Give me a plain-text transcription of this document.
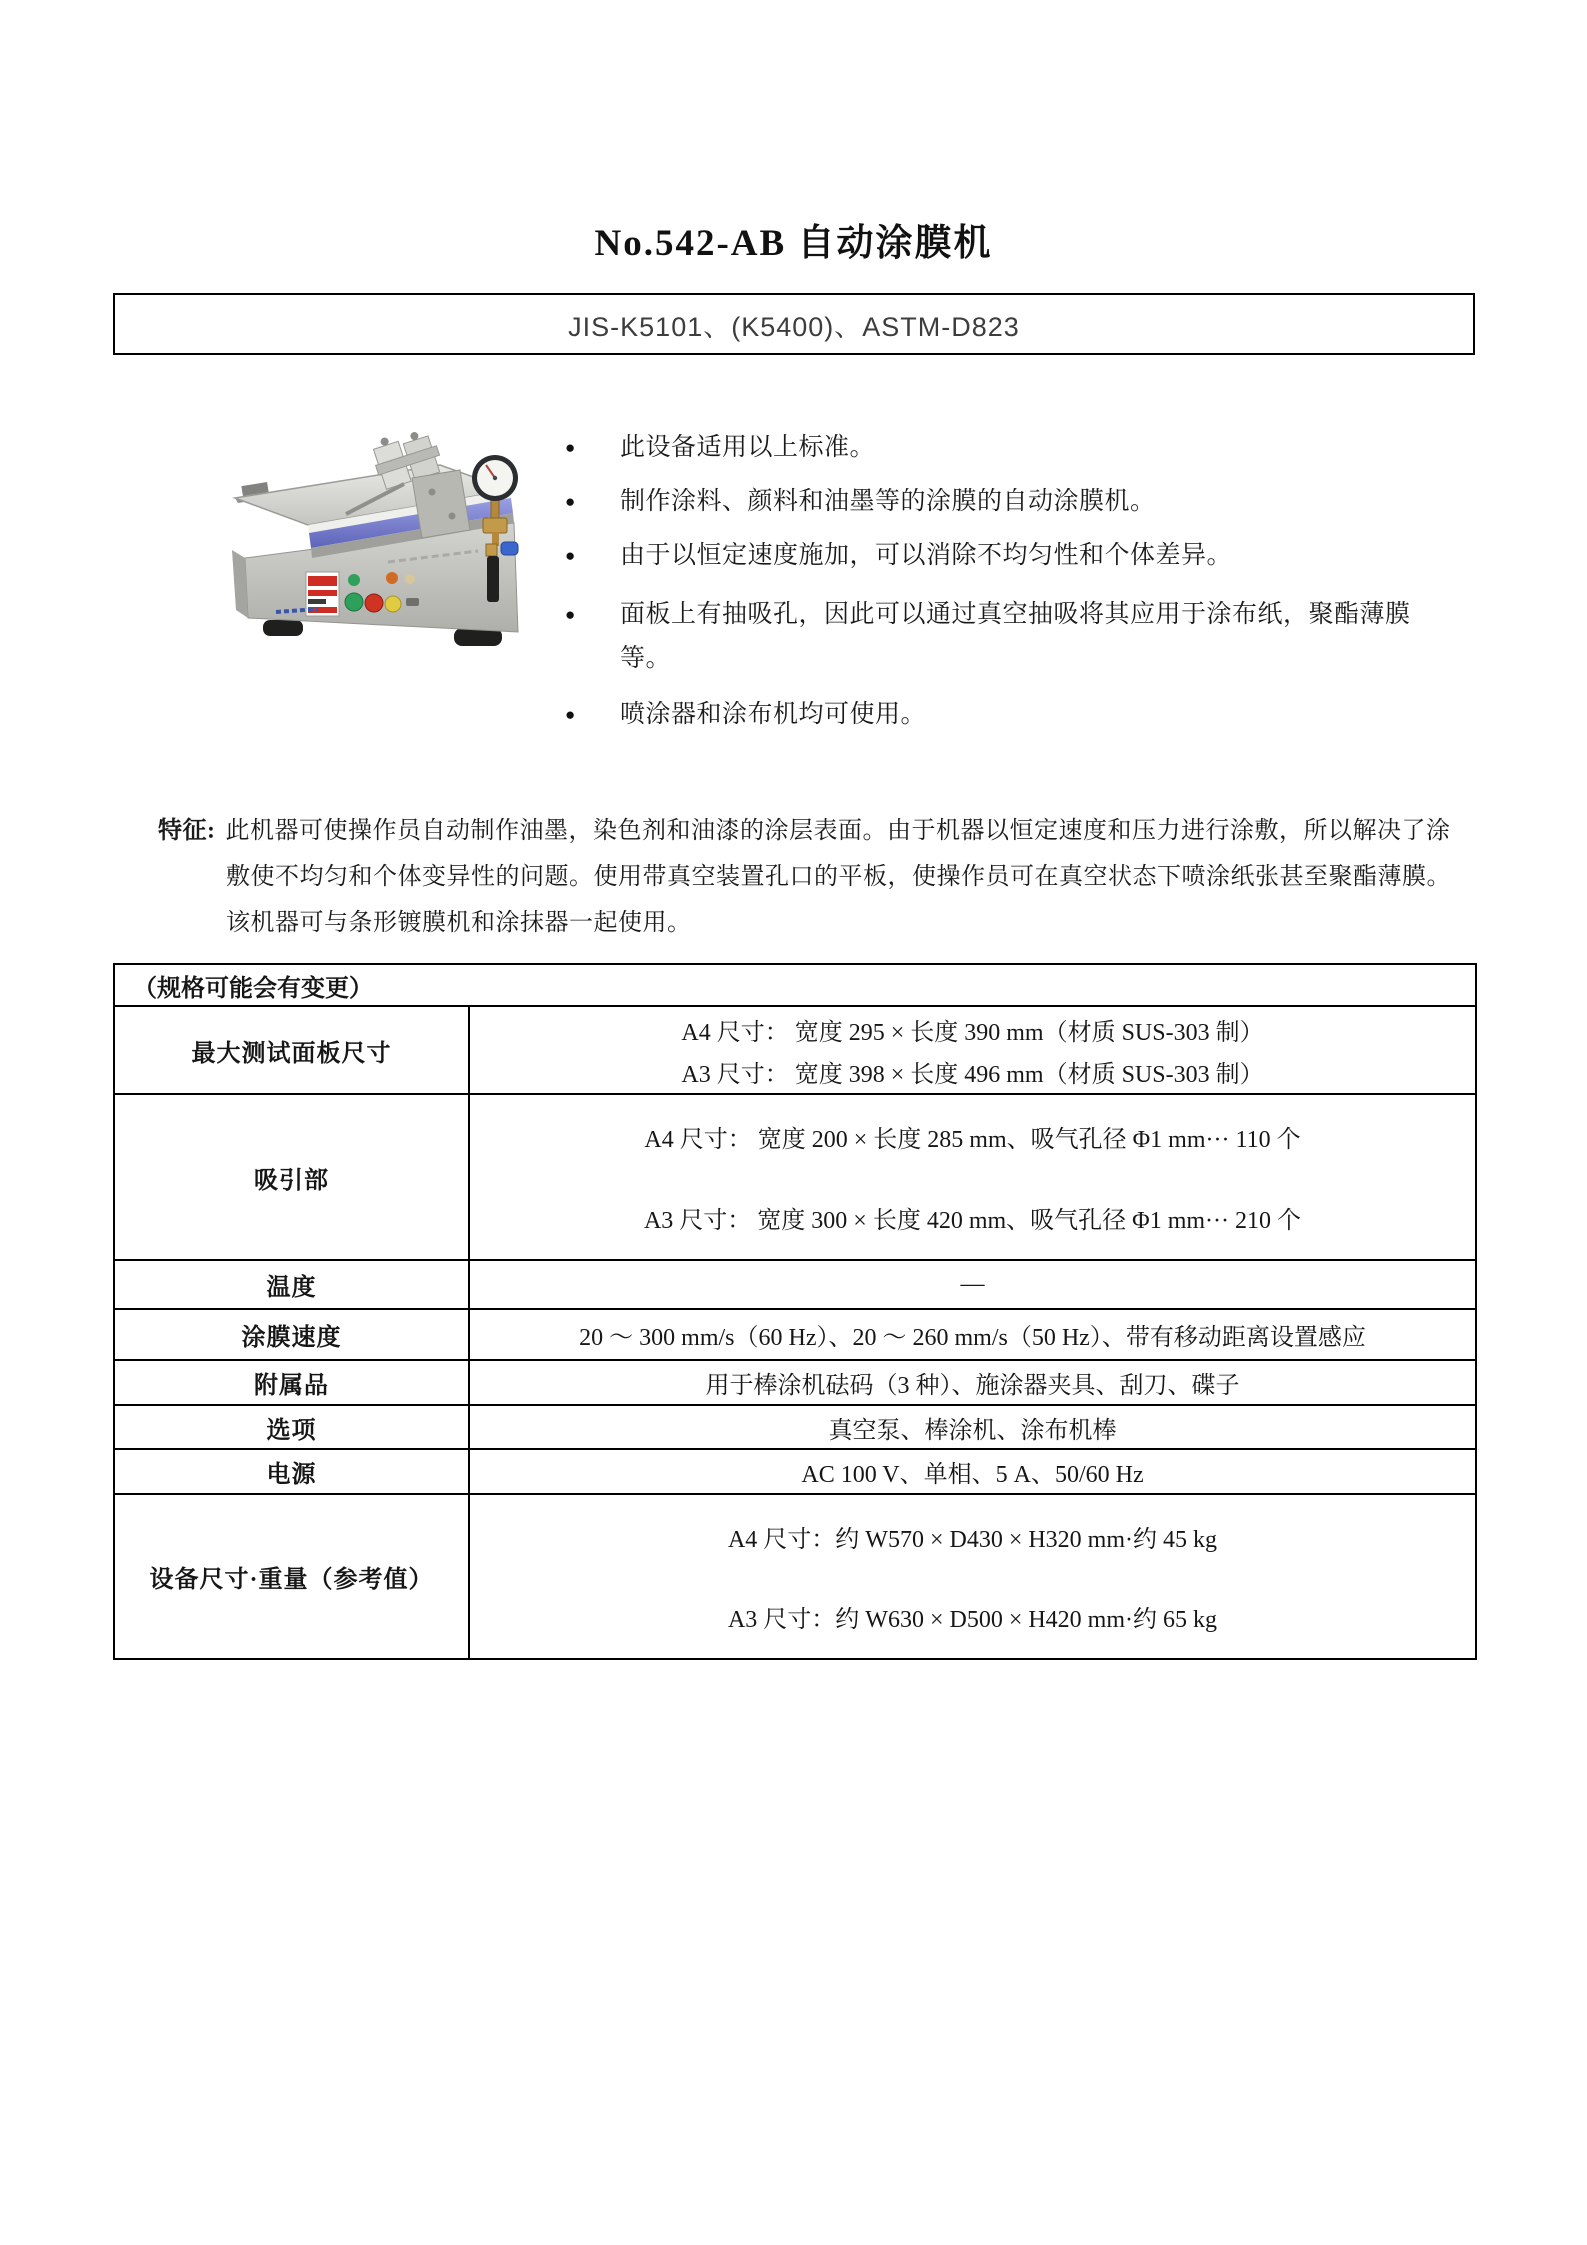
No.542-AB 自动涂膜机
JIS-K5101、(K5400)、ASTM-D823
●	此设备适用以上标准。
●	制作涂料、颜料和油墨等的涂膜的自动涂膜机。
●	由于以恒定速度施加，可以消除不均匀性和个体差异。
●	面板上有抽吸孔，因此可以通过真空抽吸将其应用于涂布纸，聚酯薄膜等。
●	喷涂器和涂布机均可使用。
特征: 此机器可使操作员自动制作油墨，染色剂和油漆的涂层表面。由于机器以恒定速度和压力进行涂敷，所以解决了涂敷使不均匀和个体变异性的问题。使用带真空装置孔口的平板，使操作员可在真空状态下喷涂纸张甚至聚酯薄膜。该机器可与条形镀膜机和涂抹器一起使用。
（规格可能会有变更）	
最大测试面板尺寸	A4 尺寸： 宽度 295 × 长度 390 mm（材质 SUS-303 制）
A3 尺寸： 宽度 398 × 长度 496 mm（材质 SUS-303 制）

吸引部	A4 尺寸： 宽度 200 × 长度 285 mm、吸气孔径 Φ1 mm··· 110 个
A3 尺寸： 宽度 300 × 长度 420 mm、吸气孔径 Φ1 mm··· 210 个

温度	—
涂膜速度	20 ～ 300 mm/s（60 Hz）、20 ～ 260 mm/s（50 Hz）、带有移动距离设置感应
附属品	用于棒涂机砝码（3 种）、施涂器夹具、刮刀、碟子
选项	真空泵、棒涂机、涂布机棒
电源	AC 100 V、单相、5 A、50/60 Hz
设备尺寸·重量（参考值）	A4 尺寸：约 W570 × D430 × H320 mm·约 45 kg
A3 尺寸：约 W630 × D500 × H420 mm·约 65 kg
